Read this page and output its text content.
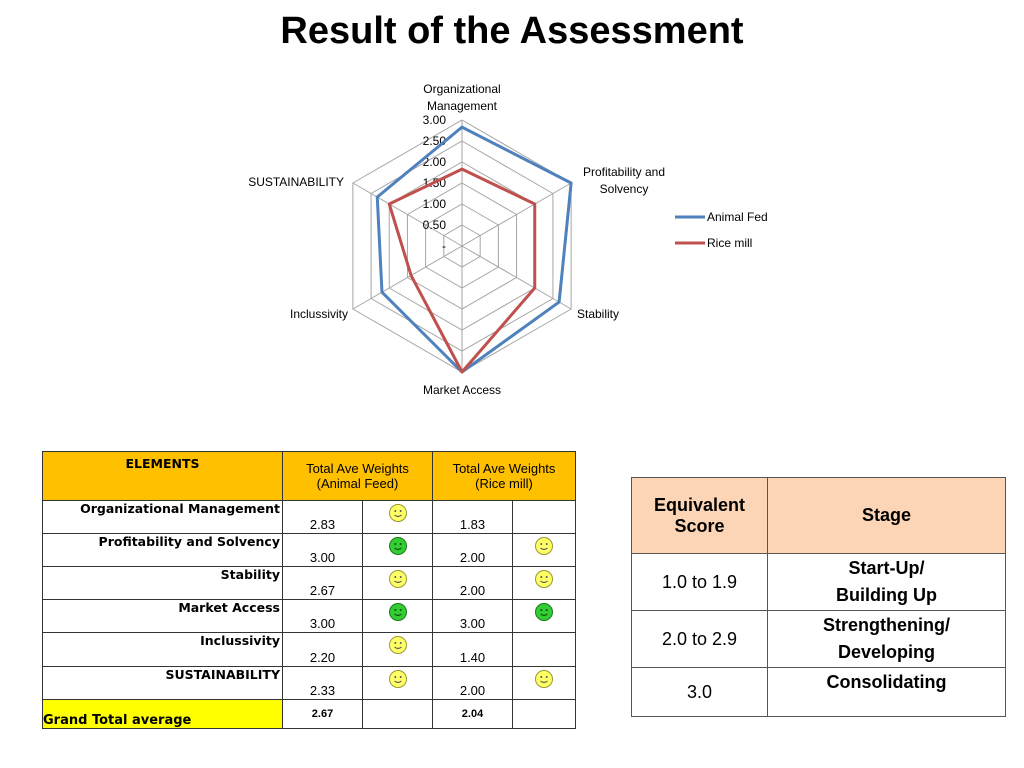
Result of the Assessment
-
0.50
1.00
1.50
2.00
2.50
3.00
Organizational Management
Profitability and Solvency
Stability
Market Access
Inclussivity
SUSTAINABILITY
Animal Fed
Rice mill
ELEMENTS	Total Ave Weights
(Animal Feed)		Total Ave Weights
(Rice mill)	
Organizational Management	2.83		1.83	
Profitability and Solvency	3.00		2.00	
Stability	2.67		2.00	
Market Access	3.00		3.00	
Inclussivity	2.20		1.40	
SUSTAINABILITY	2.33		2.00	
Grand Total average	2.67		2.04	
Equivalent
Score	Stage
1.0 to 1.9	Start-Up/
Building Up
2.0 to 2.9	Strengthening/
Developing
3.0	Consolidating
